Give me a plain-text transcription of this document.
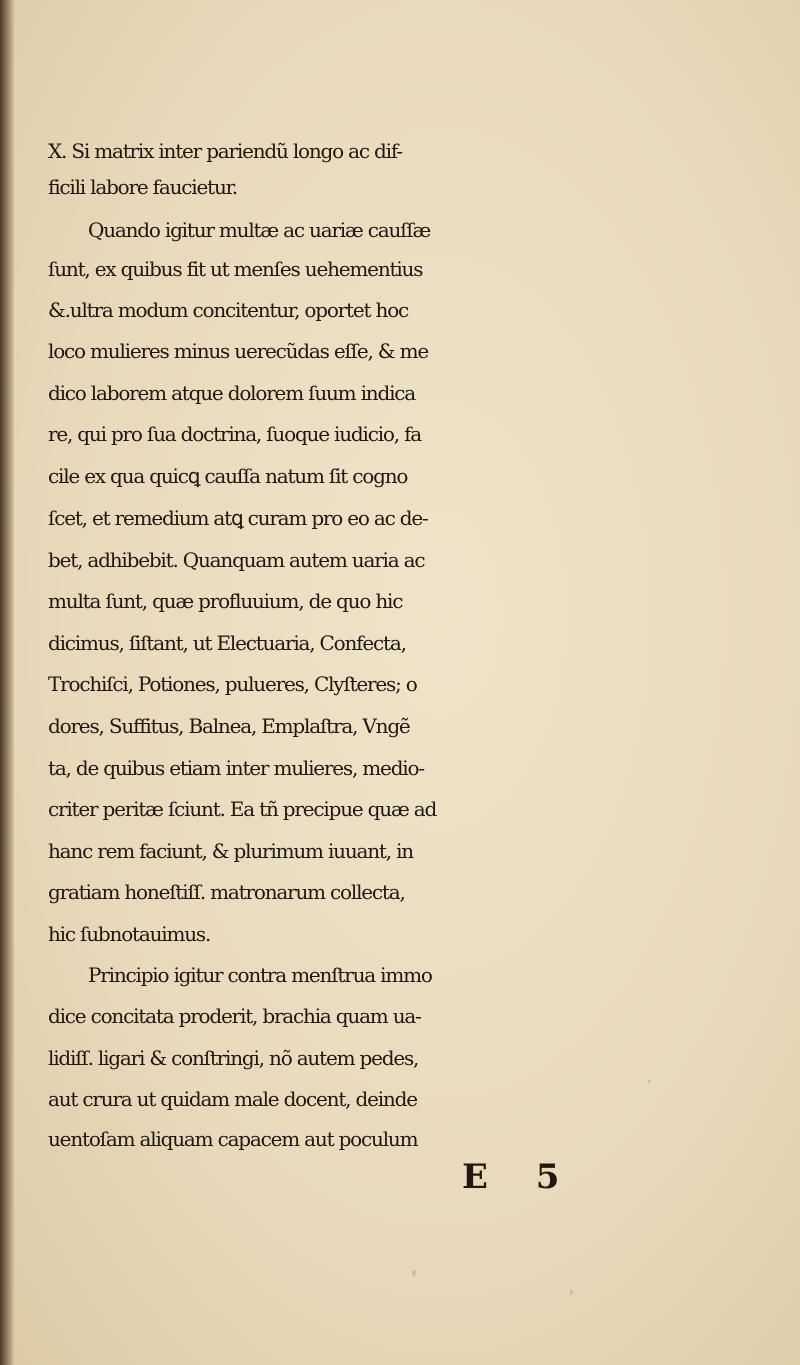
X. Si matrix inter pariendũ longo ac dif-
ficili labore faucietur.
Quando igitur multæ ac uariæ cauſſæ
ſunt, ex quibus fit ut menſes uehementius
&.ultra modum concitentur, oportet hoc
loco mulieres minus uerecũdas eſſe, & me
dico laborem atque dolorem ſuum indica
re, qui pro ſua doctrina, ſuoque iudicio, fa
cile ex qua quicꝗ cauſſa natum ſit cogno
ſcet, et remedium atꝗ curam pro eo ac de-
bet, adhibebit. Quanquam autem uaria ac
multa ſunt, quæ profluuium, de quo hic
dicimus, ſiſtant, ut Electuaria, Confecta,
Trochiſci, Potiones, pulueres, Clyſteres; o
dores, Suffitus, Balnea, Emplaſtra, Vngẽ
ta, de quibus etiam inter mulieres, medio-
criter peritæ ſciunt. Ea tñ precipue quæ ad
hanc rem faciunt, & plurimum iuuant, in
gratiam honeſtiſſ. matronarum collecta,
hic ſubnotauimus.
Principio igitur contra menſtrua immo
dice concitata proderit, brachia quam ua-
lidiſſ. ligari & conſtringi, nõ autem pedes,
aut crura ut quidam male docent, deinde
uentoſam aliquam capacem aut poculum
E 5
